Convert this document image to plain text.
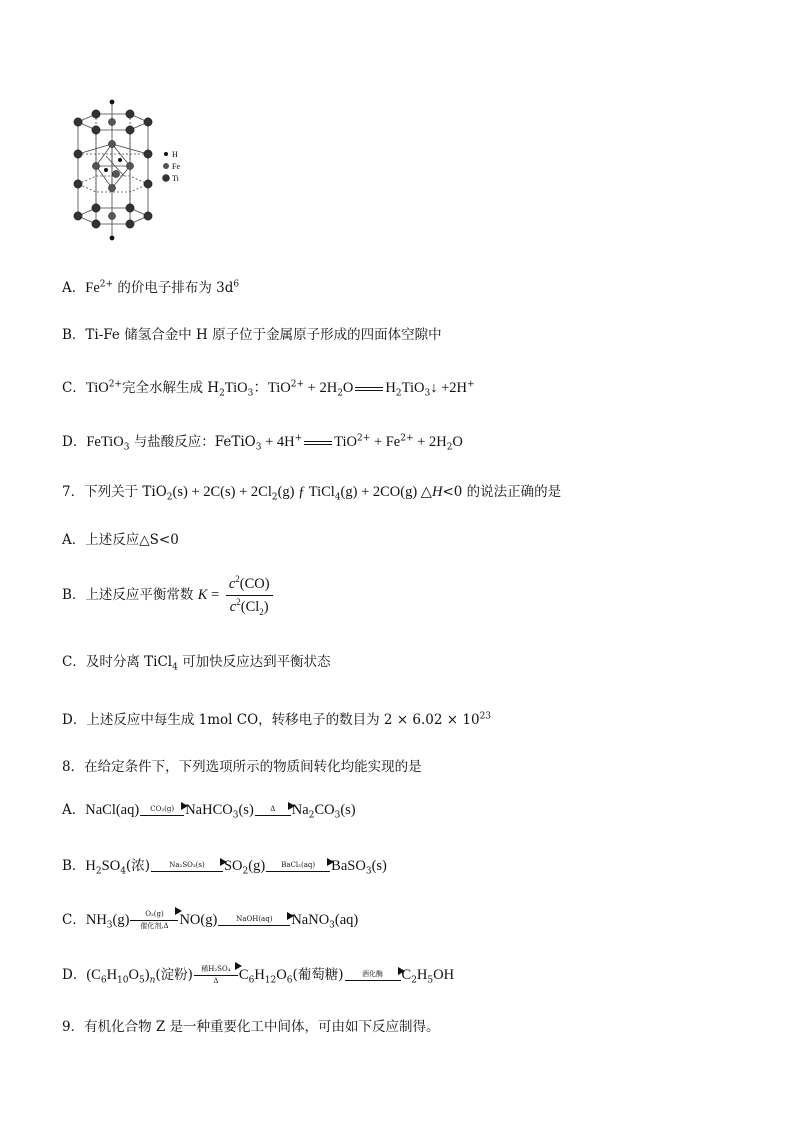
H
Fe
Ti
A．$Fe^{2+}$ 的价电子排布为 $3d^6$
B．Ti-Fe 储氢合金中 H 原子位于金属原子形成的四面体空隙中
C．TiO$^{2+}$完全水解生成 $H_2TiO_3$：$TiO^{2+} + 2H_2O$ $H_2TiO_3↓ +2H^+$
D．FeTiO$_3$ 与盐酸反应：FeTiO$_3$ + 4H+ $TiO^{2+} + Fe^{2+} + 2H_2O$
7．下列关于 $TiO_2(s) + 2C(s) + 2Cl_2(g)$ ƒ TiCl$_4$(g) + 2CO(g) △H<0 的说法正确的是
A．上述反应△S<0
B．上述反应平衡常数 $K = \frac{c^2(CO)}{c^2(Cl_2)}$
C．及时分离 TiCl$_4$ 可加快反应达到平衡状态
D．上述反应中每生成 1mol CO，转移电子的数目为 $2 \times 6.02 \times 10^{23}$
8．在给定条件下，下列选项所示的物质间转化均能实现的是
A．NaCl(aq)	CO₂(g) NaHCO$_3$(s)	Δ	$Na_2CO_3(s)$
B．$H_2SO_4$(浓)	Na₂SO₃(s)	$SO_2(g)$	BaCl₂(aq)	BaSO$_3$(s)
C．$NH_3(g)$	O₂(g)
催化剂,Δ NO(g)	NaOH(aq)	NaNO$_3$(aq)
D．$(C_6H_{10}O_5)_n$(淀粉)	稀H₂SO₄
Δ	$C_6H_{12}O_6$(葡萄糖)	酒化酶	$C_2H_5OH$
9．有机化合物 Z 是一种重要化工中间体，可由如下反应制得。
